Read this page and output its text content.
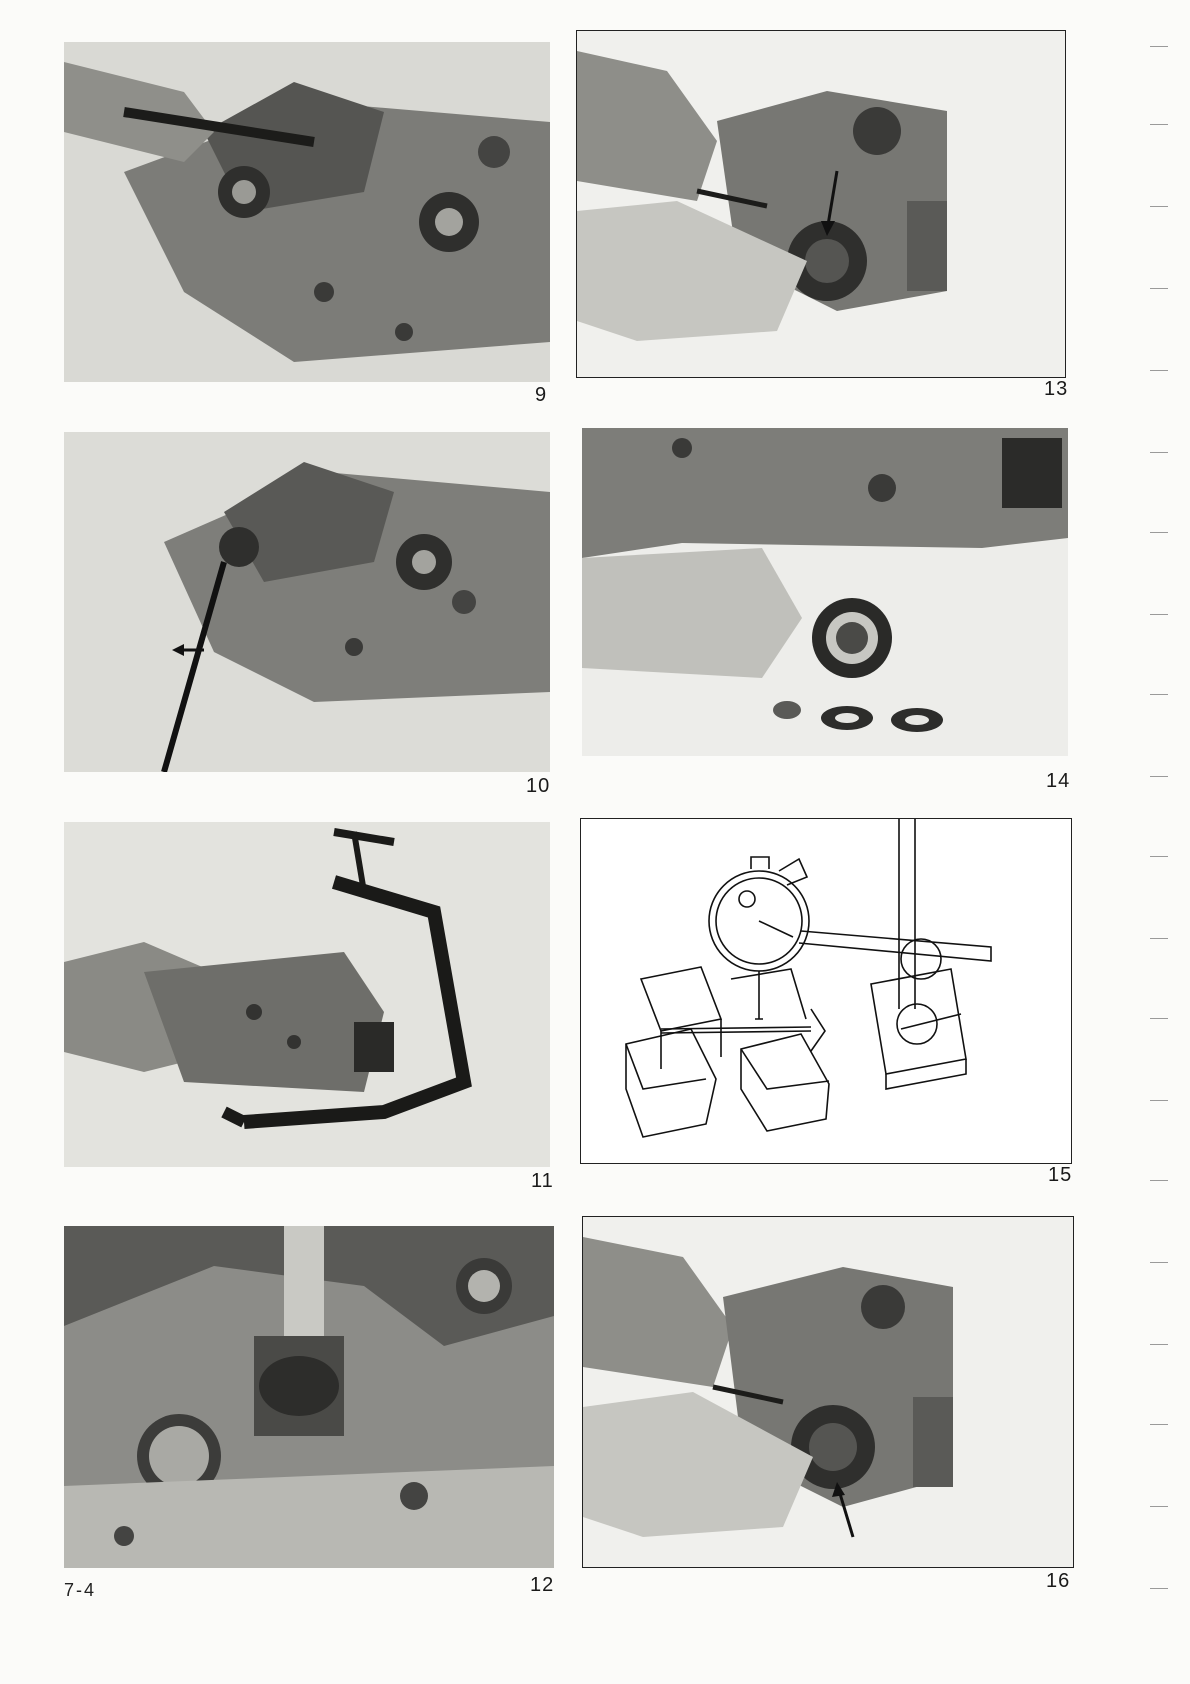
9
10
11
12
13
14
15
16
7-4
